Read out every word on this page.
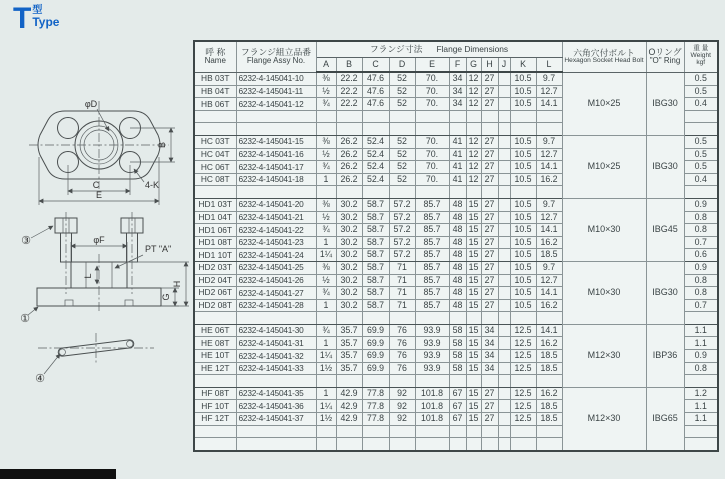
T 型
Type
φD
B
C
E
4-K
φF
PT "A"
L
G
H
③
①
④
呼 称
Name	フランジ組立品番
Flange Assy No.	フランジ寸法 Flange Dimensions											六角穴付ボルト
Hexagon Socket Head Bolt	Oリング
"O" Ring	重 量
Weight
kgf

		A	B	C	D	E	F	G	H	J	K	L			
HB 03T	6232-4-145041-10	⅜	22.2	47.6	52	70.	34	12	27		10.5	9.7	M10×25	IBG30	0.5
HB 04T	6232-4-145041-11	½	22.2	47.6	52	70.	34	12	27		10.5	12.7			0.5
HB 06T	6232-4-145041-12	¾	22.2	47.6	52	70.	34	12	27		10.5	14.1			0.4

HC 03T	6232-4-145041-15	⅜	26.2	52.4	52	70.	41	12	27		10.5	9.7	M10×25	IBG30	0.5
HC 04T	6232-4-145041-16	½	26.2	52.4	52	70.	41	12	27		10.5	12.7			0.5
HC 06T	6232-4-145041-17	¾	26.2	52.4	52	70.	41	12	27		10.5	14.1			0.5
HC 08T	6232-4-145041-18	1	26.2	52.4	52	70.	41	12	27		10.5	16.2			0.4

HD1 03T	6232-4-145041-20	⅜	30.2	58.7	57.2	85.7	48	15	27		10.5	9.7	M10×30	IBG45	0.9
HD1 04T	6232-4-145041-21	½	30.2	58.7	57.2	85.7	48	15	27		10.5	12.7			0.8
HD1 06T	6232-4-145041-22	¾	30.2	58.7	57.2	85.7	48	15	27		10.5	14.1			0.8
HD1 08T	6232-4-145041-23	1	30.2	58.7	57.2	85.7	48	15	27		10.5	16.2			0.7
HD1 10T	6232-4-145041-24	1¼	30.2	58.7	57.2	85.7	48	15	27		10.5	18.5			0.6
HD2 03T	6232-4-145041-25	⅜	30.2	58.7	71	85.7	48	15	27		10.5	9.7	M10×30	IBG30	0.9
HD2 04T	6232-4-145041-26	½	30.2	58.7	71	85.7	48	15	27		10.5	12.7			0.8
HD2 06T	6232-4-145041-27	¾	30.2	58.7	71	85.7	48	15	27		10.5	14.1			0.8
HD2 08T	6232-4-145041-28	1	30.2	58.7	71	85.7	48	15	27		10.5	16.2			0.7

HE 06T	6232-4-145041-30	¾	35.7	69.9	76	93.9	58	15	34		12.5	14.1	M12×30	IBP36	1.1
HE 08T	6232-4-145041-31	1	35.7	69.9	76	93.9	58	15	34		12.5	16.2			1.1
HE 10T	6232-4-145041-32	1¼	35.7	69.9	76	93.9	58	15	34		12.5	18.5			0.9
HE 12T	6232-4-145041-33	1½	35.7	69.9	76	93.9	58	15	34		12.5	18.5			0.8

HF 08T	6232-4-145041-35	1	42.9	77.8	92	101.8	67	15	27		12.5	16.2	M12×30	IBG65	1.2
HF 10T	6232-4-145041-36	1¼	42.9	77.8	92	101.8	67	15	27		12.5	18.5			1.1
HF 12T	6232-4-145041-37	1½	42.9	77.8	92	101.8	67	15	27		12.5	18.5			1.1
